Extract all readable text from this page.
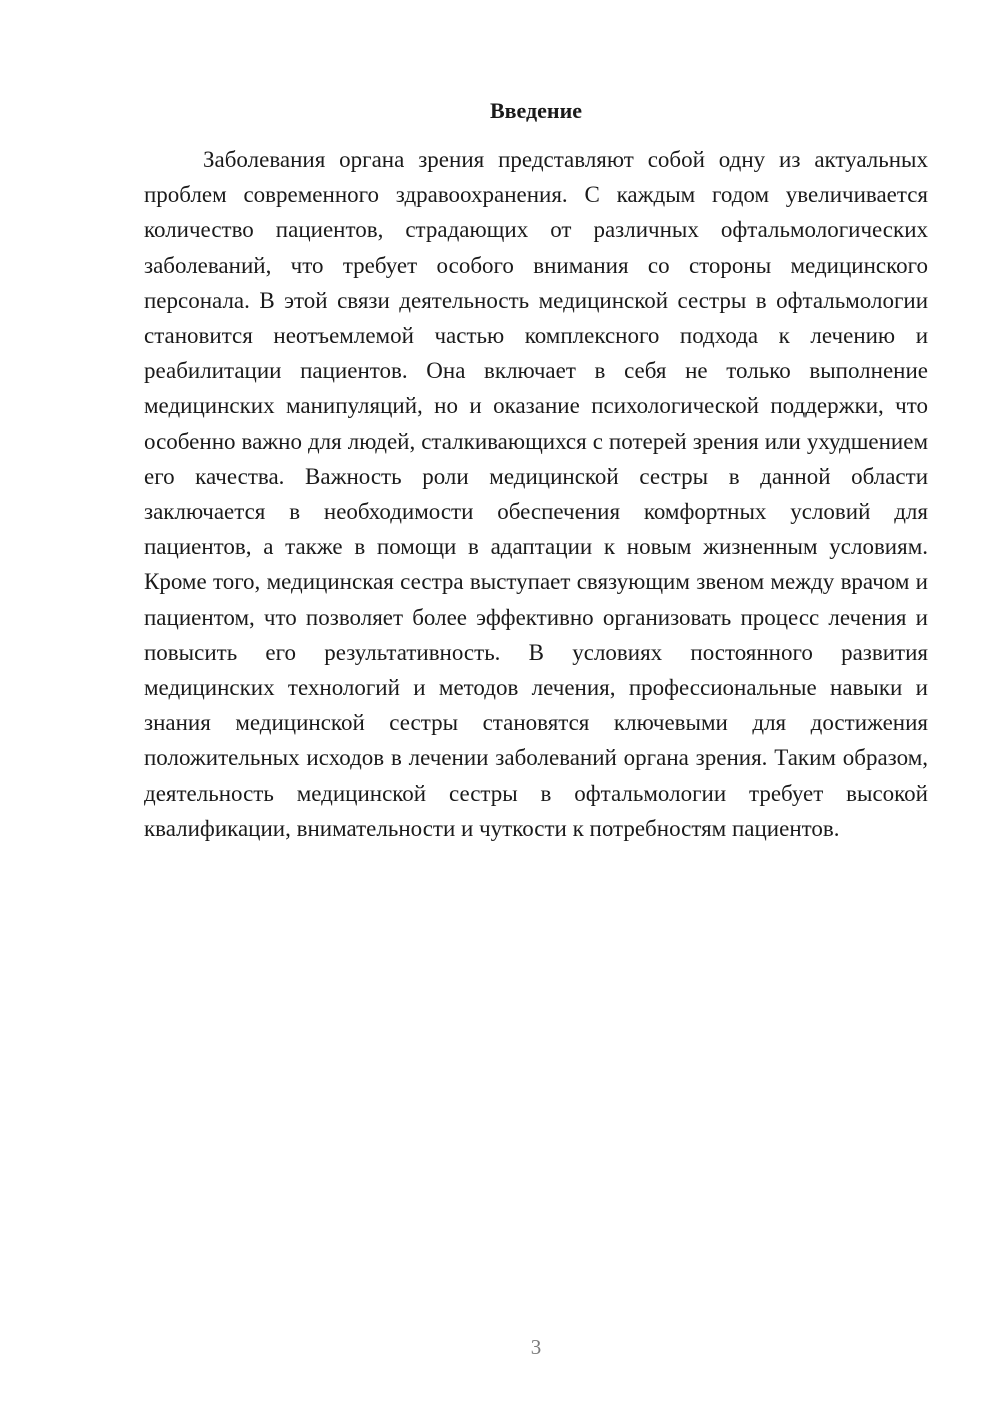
Введение

Заболевания органа зрения представляют собой одну из актуальных проблем современного здравоохранения. С каждым годом увеличивается количество пациентов, страдающих от различных офтальмологических заболеваний, что требует особого внимания со стороны медицинского персонала. В этой связи деятельность медицинской сестры в офтальмологии становится неотъемлемой частью комплексного подхода к лечению и реабилитации пациентов. Она включает в себя не только выполнение медицинских манипуляций, но и оказание психологической поддержки, что особенно важно для людей, сталкивающихся с потерей зрения или ухудшением его качества. Важность роли медицинской сестры в данной области заключается в необходимости обеспечения комфортных условий для пациентов, а также в помощи в адаптации к новым жизненным условиям. Кроме того, медицинская сестра выступает связующим звеном между врачом и пациентом, что позволяет более эффективно организовать процесс лечения и повысить его результативность. В условиях постоянного развития медицинских технологий и методов лечения, профессиональные навыки и знания медицинской сестры становятся ключевыми для достижения положительных исходов в лечении заболеваний органа зрения. Таким образом, деятельность медицинской сестры в офтальмологии требует высокой квалификации, внимательности и чуткости к потребностям пациентов.

3
